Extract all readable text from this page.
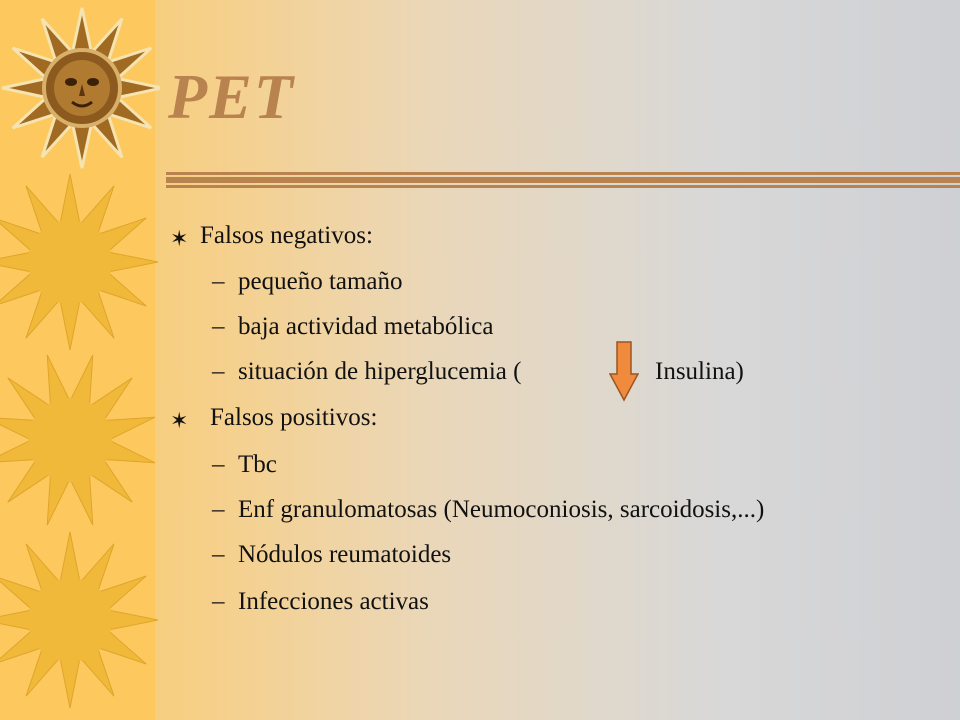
PET
✶ Falsos negativos:
– pequeño tamaño
– baja actividad metabólica
– situación de hiperglucemia (	Insulina)
✶ Falsos positivos:
– Tbc
– Enf granulomatosas (Neumoconiosis, sarcoidosis,...)
– Nódulos reumatoides
– Infecciones activas
